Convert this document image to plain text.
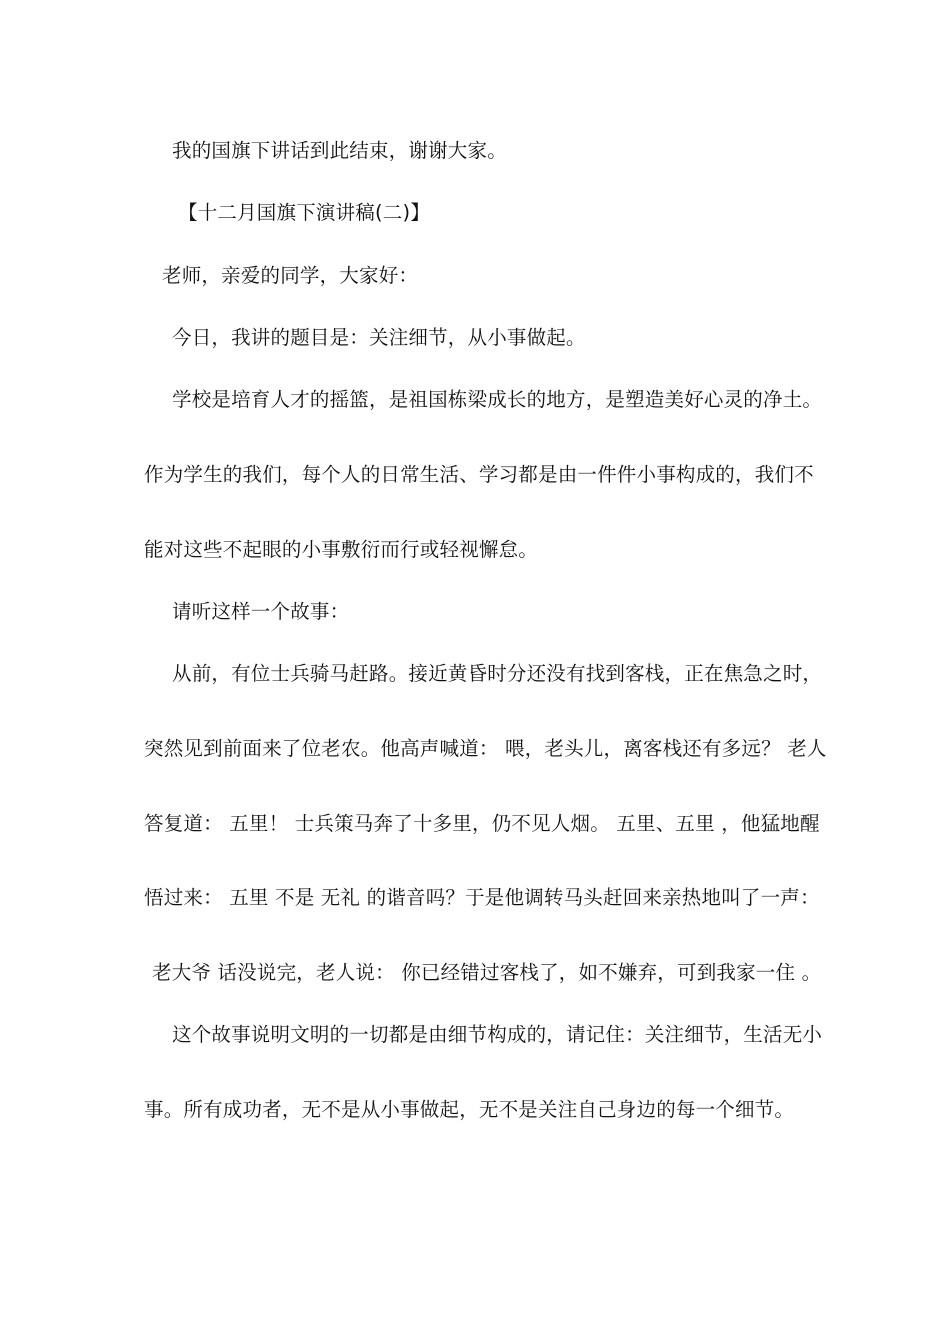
我的国旗下讲话到此结束，谢谢大家。
【十二月国旗下演讲稿(二)】
老师，亲爱的同学，大家好：
今日，我讲的题目是：关注细节，从小事做起。
学校是培育人才的摇篮，是祖国栋梁成长的地方，是塑造美好心灵的净土。
作为学生的我们，每个人的日常生活、学习都是由一件件小事构成的，我们不
能对这些不起眼的小事敷衍而行或轻视懈怠。
请听这样一个故事：
从前，有位士兵骑马赶路。接近黄昏时分还没有找到客栈，正在焦急之时，
突然见到前面来了位老农。他高声喊道： 喂，老头儿，离客栈还有多远？ 老人
答复道： 五里！ 士兵策马奔了十多里，仍不见人烟。 五里、五里 ，他猛地醒
悟过来： 五里 不是 无礼 的谐音吗？于是他调转马头赶回来亲热地叫了一声：
老大爷 话没说完，老人说： 你已经错过客栈了，如不嫌弃，可到我家一住 。
这个故事说明文明的一切都是由细节构成的，请记住：关注细节，生活无小
事。所有成功者，无不是从小事做起，无不是关注自己身边的每一个细节。
